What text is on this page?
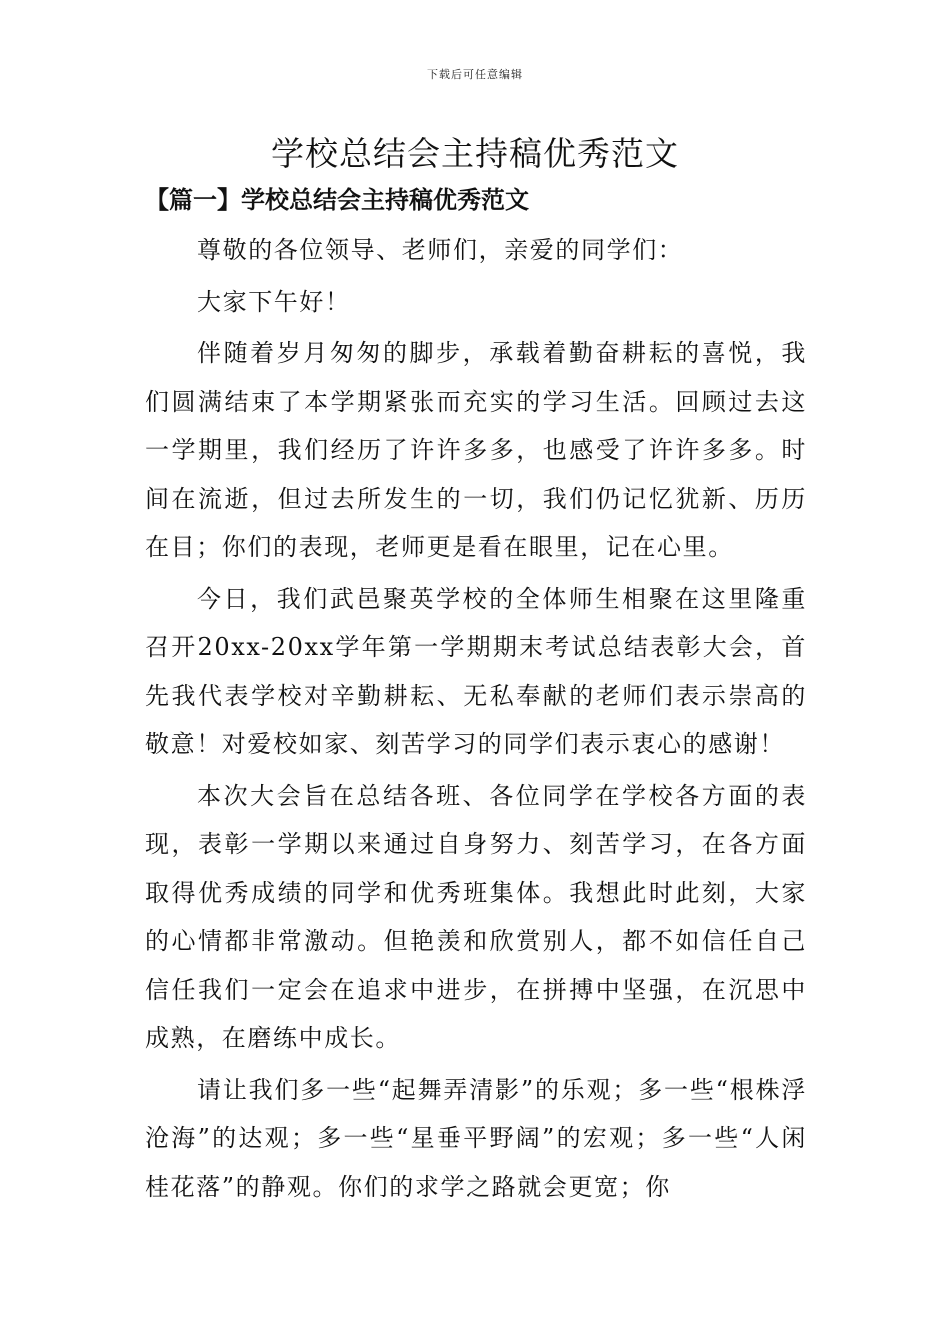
下载后可任意编辑
学校总结会主持稿优秀范文
【篇一】学校总结会主持稿优秀范文

尊敬的各位领导、老师们，亲爱的同学们：

大家下午好！

伴随着岁月匆匆的脚步，承载着勤奋耕耘的喜悦，我们圆满结束了本学期紧张而充实的学习生活。回顾过去这一学期里，我们经历了许许多多，也感受了许许多多。时间在流逝，但过去所发生的一切，我们仍记忆犹新、历历在目；你们的表现，老师更是看在眼里，记在心里。

今日，我们武邑聚英学校的全体师生相聚在这里隆重召开20xx-20xx学年第一学期期末考试总结表彰大会，首先我代表学校对辛勤耕耘、无私奉献的老师们表示崇高的敬意！对爱校如家、刻苦学习的同学们表示衷心的感谢！

本次大会旨在总结各班、各位同学在学校各方面的表现，表彰一学期以来通过自身努力、刻苦学习，在各方面取得优秀成绩的同学和优秀班集体。我想此时此刻，大家的心情都非常激动。但艳羡和欣赏别人，都不如信任自己信任我们一定会在追求中进步，在拼搏中坚强，在沉思中成熟，在磨练中成长。

请让我们多一些“起舞弄清影”的乐观；多一些“根株浮沧海”的达观；多一些“星垂平野阔”的宏观；多一些“人闲桂花落”的静观。你们的求学之路就会更宽；你
